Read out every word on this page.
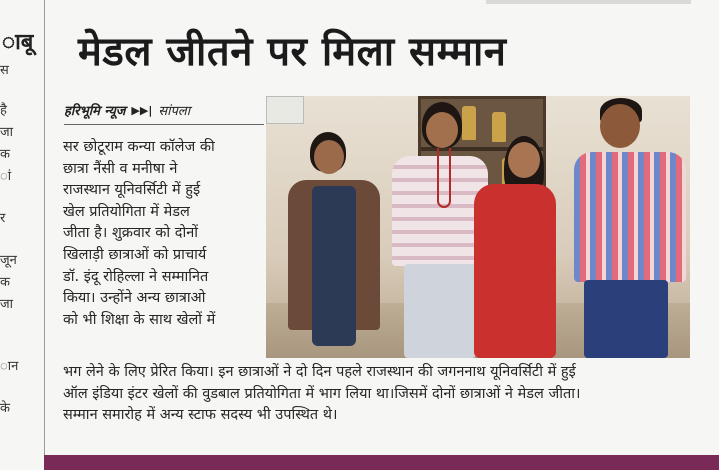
ाबू
स
है
जा
क
ां
र
जून
क
जा
ान
के
मेडल जीतने पर मिला सम्मान
हरिभूमि न्यूज ▶▶| सांपला
सर छोटूराम कन्या कॉलेज की
छात्रा नैंसी व मनीषा ने
राजस्थान यूनिवर्सिटी में हुई
खेल प्रतियोगिता में मेडल
जीता है। शुक्रवार को दोनों
खिलाड़ी छात्राओं को प्राचार्य
डॉ. इंदू रोहिल्ला ने सम्मानित
किया। उन्होंने अन्य छात्राओ
को भी शिक्षा के साथ खेलों में
भग लेने के लिए प्रेरित किया। इन छात्राओं ने दो दिन पहले राजस्थान की जगननाथ यूनिवर्सिटी में हुई
ऑल इंडिया इंटर खेलों की वुडबाल प्रतियोगिता में भाग लिया था।जिसमें दोनों छात्राओं ने मेडल जीता।
सम्मान समारोह में अन्य स्टाफ सदस्य भी उपस्थित थे।
